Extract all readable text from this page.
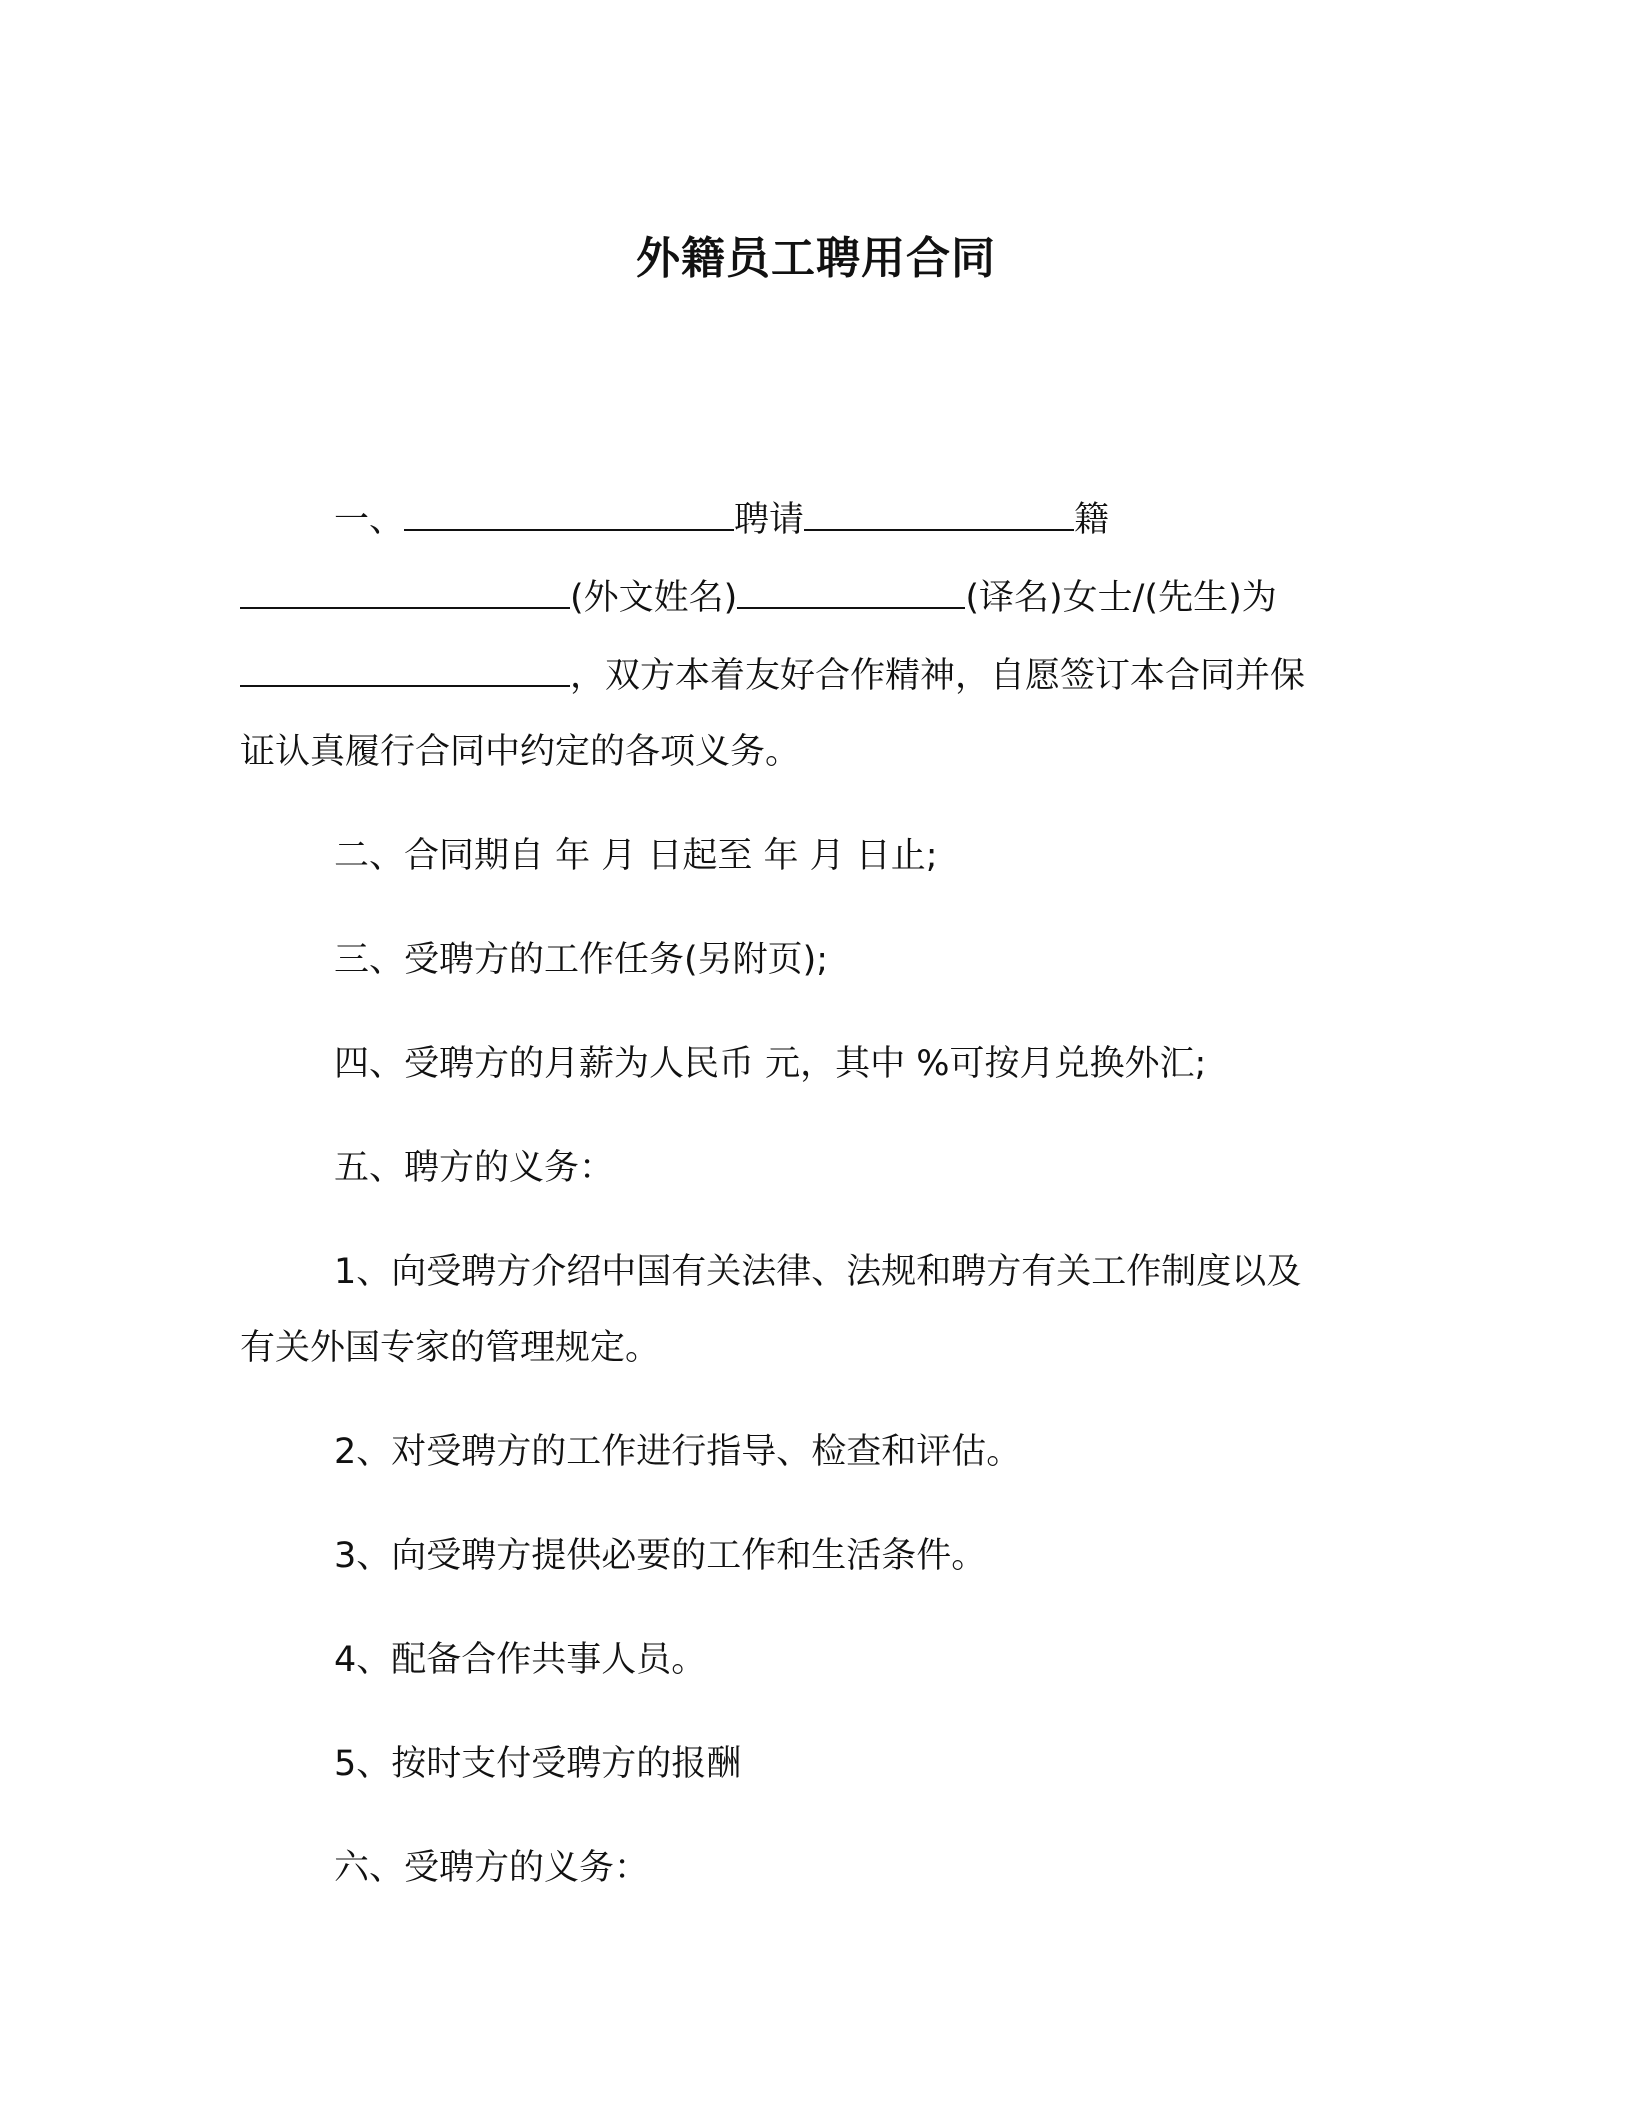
外籍员工聘用合同
一、	聘请	籍
(外文姓名)	(译名)女士/(先生)为
，双方本着友好合作精神，自愿签订本合同并保
证认真履行合同中约定的各项义务。
二、合同期自 年 月 日起至 年 月 日止;
三、受聘方的工作任务(另附页);
四、受聘方的月薪为人民币 元，其中 %可按月兑换外汇;
五、聘方的义务：
1、向受聘方介绍中国有关法律、法规和聘方有关工作制度以及
有关外国专家的管理规定。
2、对受聘方的工作进行指导、检查和评估。
3、向受聘方提供必要的工作和生活条件。
4、配备合作共事人员。
5、按时支付受聘方的报酬
六、受聘方的义务：
